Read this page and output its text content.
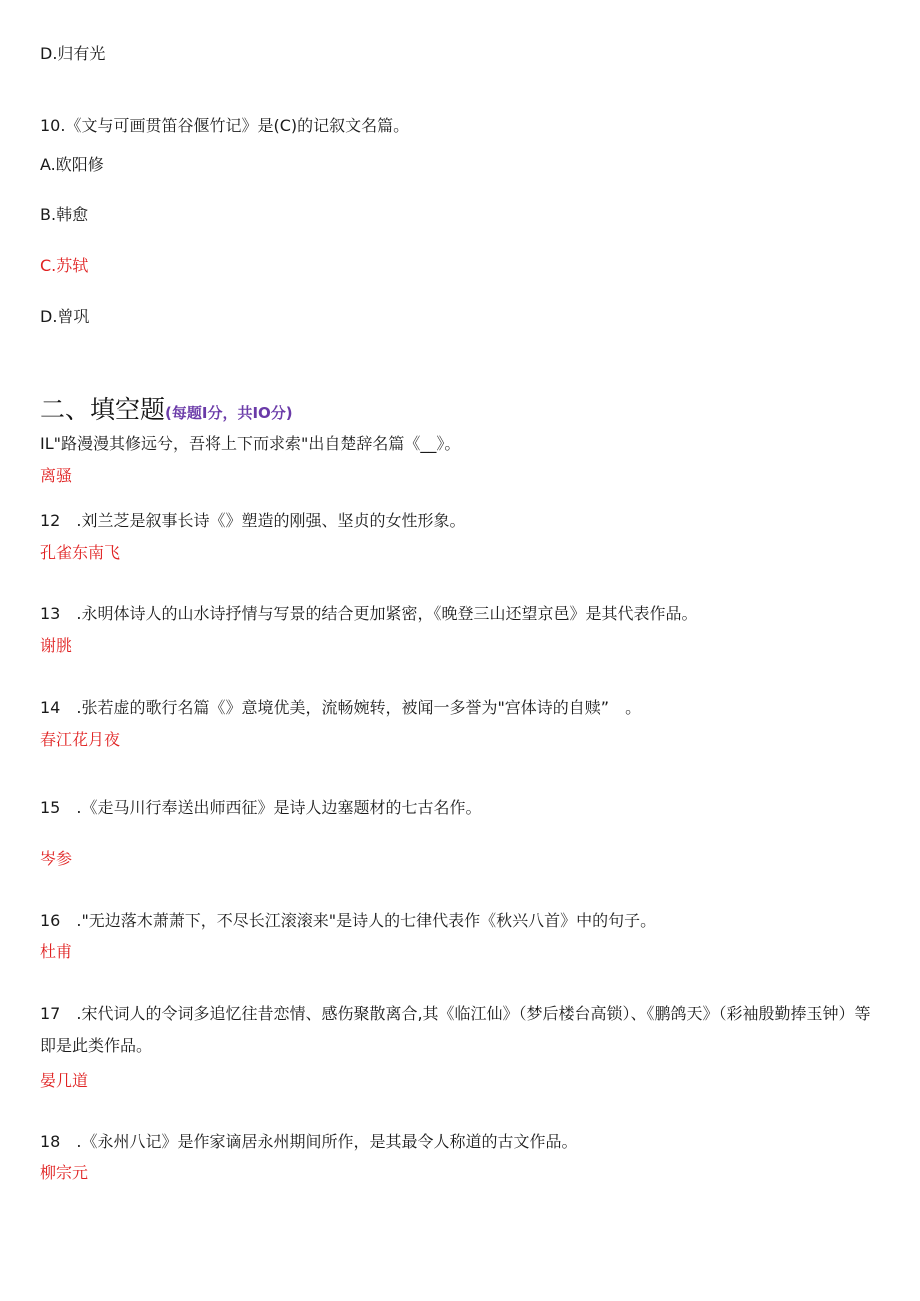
D.归有光
10.《文与可画贯笛谷偃竹记》是(C)的记叙文名篇。
A.欧阳修
B.韩愈
C.苏轼
D.曾巩
二、填空题(每题I分，共IO分)
IL"路漫漫其修远兮，吾将上下而求索"出自楚辞名篇《__》。
离骚
12　.刘兰芝是叙事长诗《》塑造的刚强、坚贞的女性形象。
孔雀东南飞
13　.永明体诗人的山水诗抒情与写景的结合更加紧密，《晚登三山还望京邑》是其代表作品。
谢朓
14　.张若虚的歌行名篇《》意境优美，流畅婉转，被闻一多誉为"宫体诗的自赎”　。
春江花月夜
15　.《走马川行奉送出师西征》是诗人边塞题材的七古名作。
岑参
16　."无边落木萧萧下，不尽长江滚滚来"是诗人的七律代表作《秋兴八首》中的句子。
杜甫
17　.宋代词人的令词多追忆往昔恋情、感伤聚散离合,其《临江仙》（梦后楼台高锁）、《鹏鸽天》（彩袖殷勤捧玉钟）等即是此类作品。
晏几道
18　.《永州八记》是作家谪居永州期间所作，是其最令人称道的古文作品。
柳宗元
